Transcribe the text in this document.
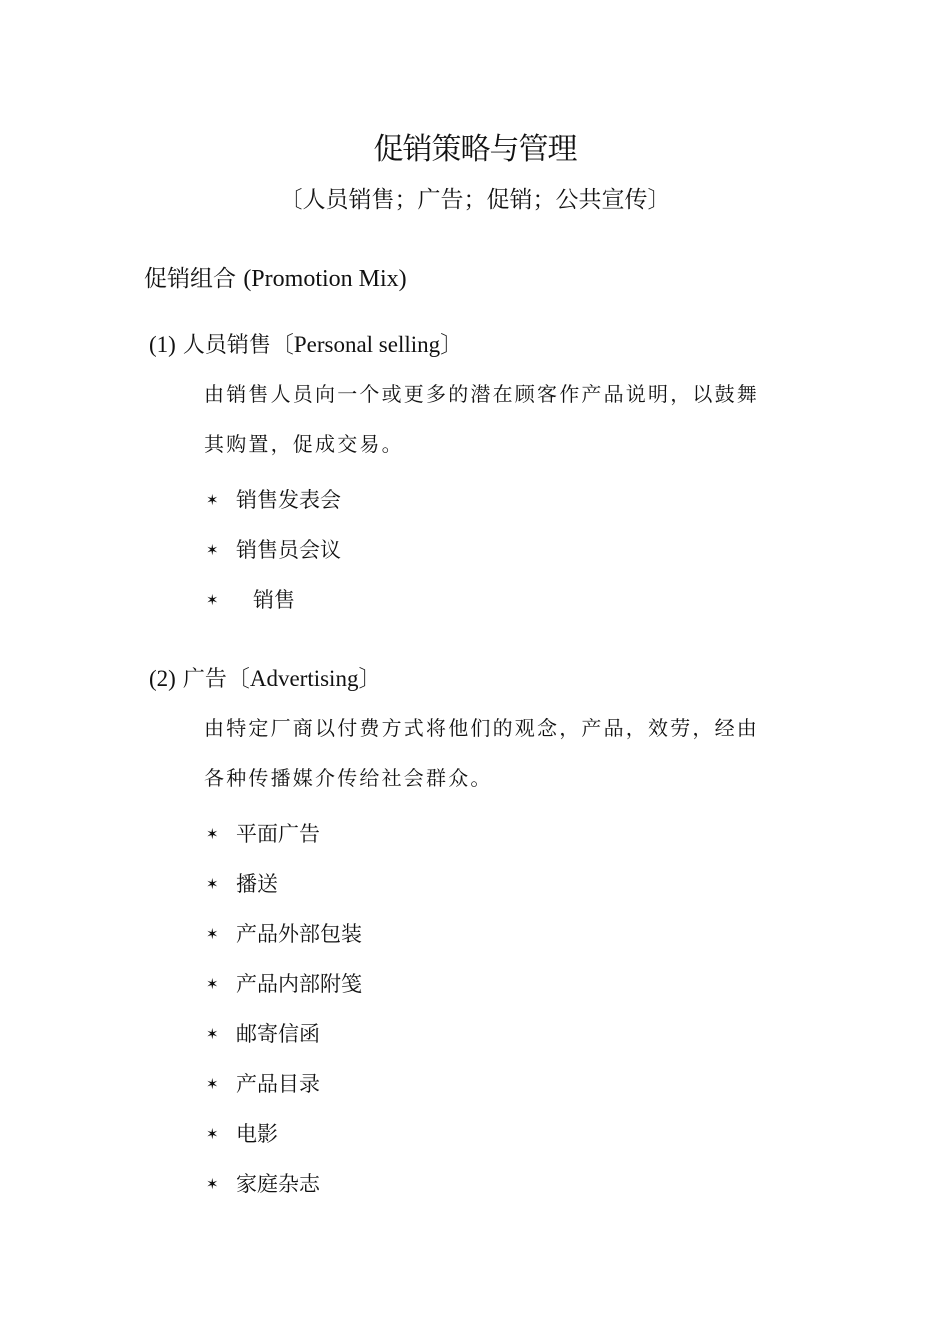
促销策略与管理
〔人员销售；广告；促销；公共宣传〕
促销组合 (Promotion Mix)
(1) 人员销售〔Personal selling〕

由销售人员向一个或更多的潜在顾客作产品说明，以鼓舞
其购置，促成交易。

✶ 销售发表会
✶ 销售员会议
✶	销售
(2) 广告〔Advertising〕

由特定厂商以付费方式将他们的观念，产品，效劳，经由
各种传播媒介传给社会群众。

✶ 平面广告
✶ 播送
✶ 产品外部包装
✶ 产品内部附笺
✶ 邮寄信函
✶ 产品目录
✶ 电影
✶ 家庭杂志
